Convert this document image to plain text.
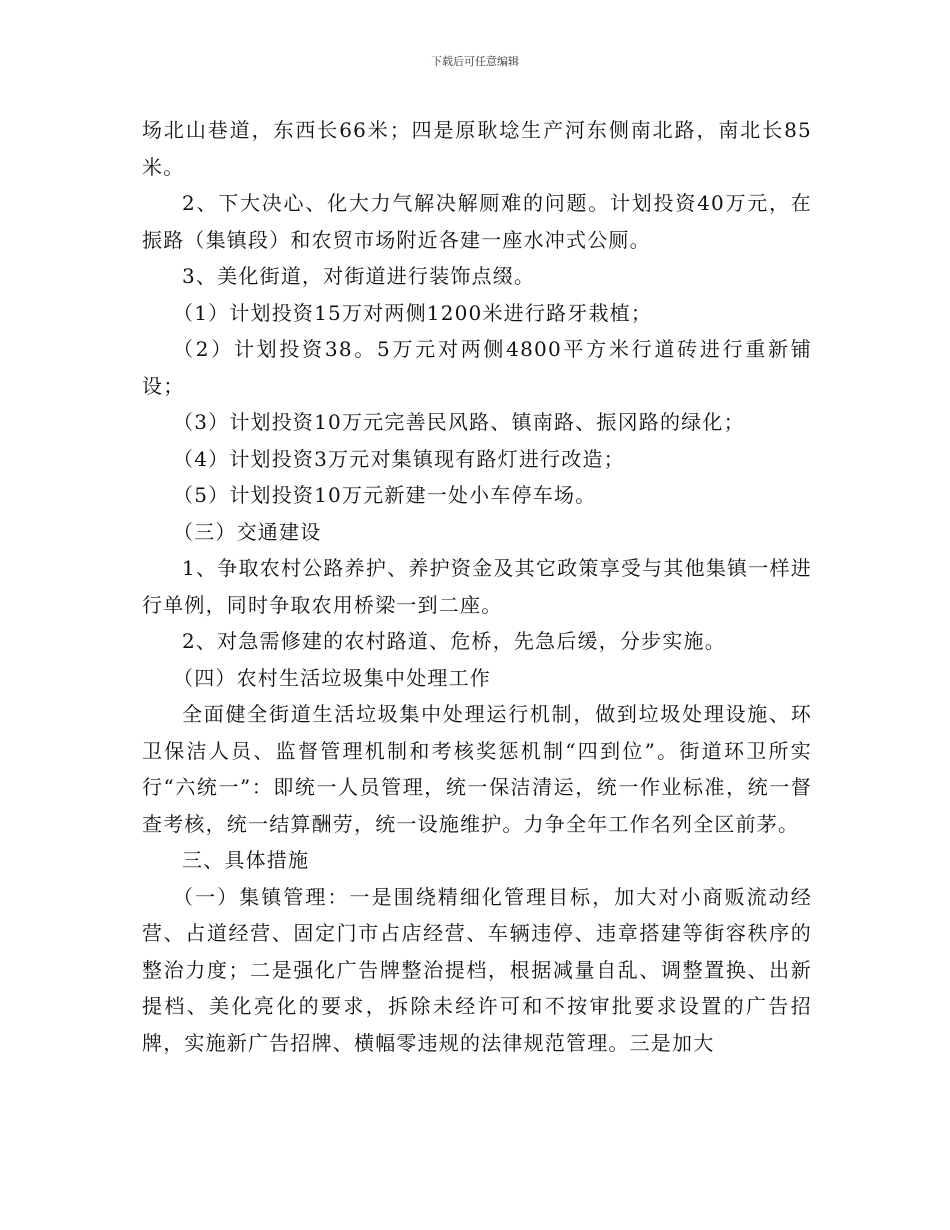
下载后可任意编辑

场北山巷道，东西长66米；四是原耿埝生产河东侧南北路，南北长85米。

2、下大决心、化大力气解决解厕难的问题。计划投资40万元，在振路（集镇段）和农贸市场附近各建一座水冲式公厕。

3、美化街道，对街道进行装饰点缀。

（1）计划投资15万对两侧1200米进行路牙栽植；

（2）计划投资38。5万元对两侧4800平方米行道砖进行重新铺设；

（3）计划投资10万元完善民风路、镇南路、振冈路的绿化；

（4）计划投资3万元对集镇现有路灯进行改造；

（5）计划投资10万元新建一处小车停车场。

（三）交通建设

1、争取农村公路养护、养护资金及其它政策享受与其他集镇一样进行单例，同时争取农用桥梁一到二座。

2、对急需修建的农村路道、危桥，先急后缓，分步实施。

（四）农村生活垃圾集中处理工作

全面健全街道生活垃圾集中处理运行机制，做到垃圾处理设施、环卫保洁人员、监督管理机制和考核奖惩机制“四到位”。街道环卫所实行“六统一”：即统一人员管理，统一保洁清运，统一作业标准，统一督查考核，统一结算酬劳，统一设施维护。力争全年工作名列全区前茅。

三、具体措施

（一）集镇管理：一是围绕精细化管理目标，加大对小商贩流动经营、占道经营、固定门市占店经营、车辆违停、违章搭建等街容秩序的整治力度；二是强化广告牌整治提档，根据减量自乱、调整置换、出新提档、美化亮化的要求，拆除未经许可和不按审批要求设置的广告招牌，实施新广告招牌、横幅零违规的法律规范管理。三是加大
